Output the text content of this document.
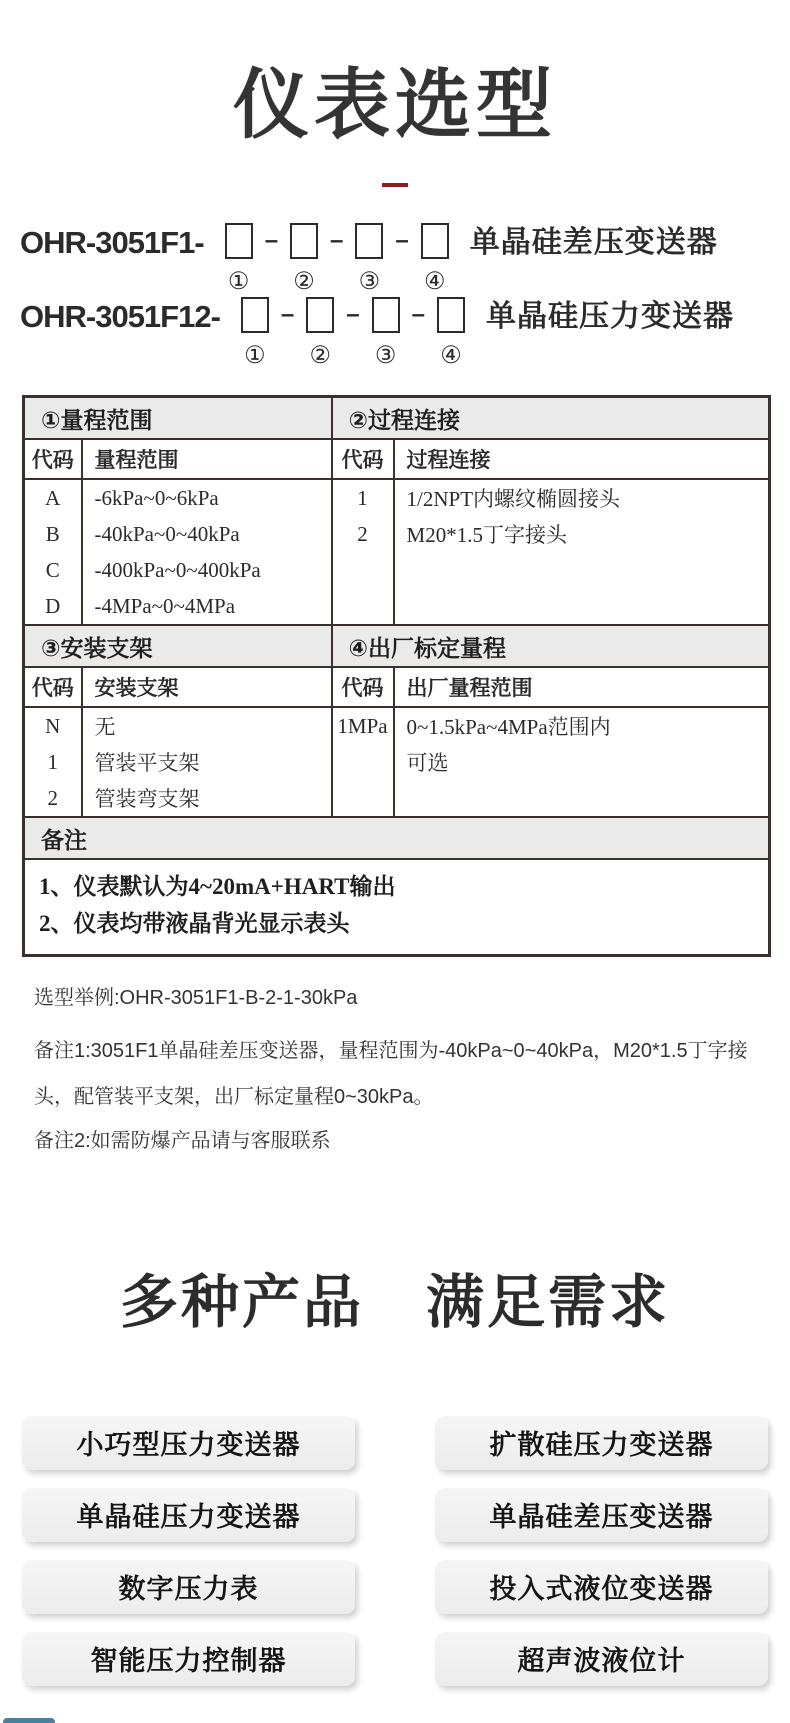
仪表选型
OHR-3051F1-
①
–
②
–
③
–
④
单晶硅差压变送器
OHR-3051F12-
①
–
②
–
③
–
④
单晶硅压力变送器
①量程范围		②过程连接	
代码	量程范围	代码	过程连接
A	-6kPa~0~6kPa	1	1/2NPT内螺纹椭圆接头
B	-40kPa~0~40kPa	2	M20*1.5丁字接头
C	-400kPa~0~400kPa		
D	-4MPa~0~4MPa		
③安装支架		④出厂标定量程	
代码	安装支架	代码	出厂量程范围
N	无	1MPa	0~1.5kPa~4MPa范围内
1	管装平支架		可选
2	管装弯支架		
备注			

1、仪表默认为4~20mA+HART输出
2、仪表均带液晶背光显示表头			

选型举例:OHR-3051F1-B-2-1-30kPa

备注1:3051F1单晶硅差压变送器，量程范围为-40kPa~0~40kPa，M20*1.5丁字接头，配管装平支架，出厂标定量程0~30kPa。

备注2:如需防爆产品请与客服联系

多种产品 满足需求
小巧型压力变送器	扩散硅压力变送器
单晶硅压力变送器	单晶硅差压变送器
数字压力表	投入式液位变送器
智能压力控制器	超声波液位计
